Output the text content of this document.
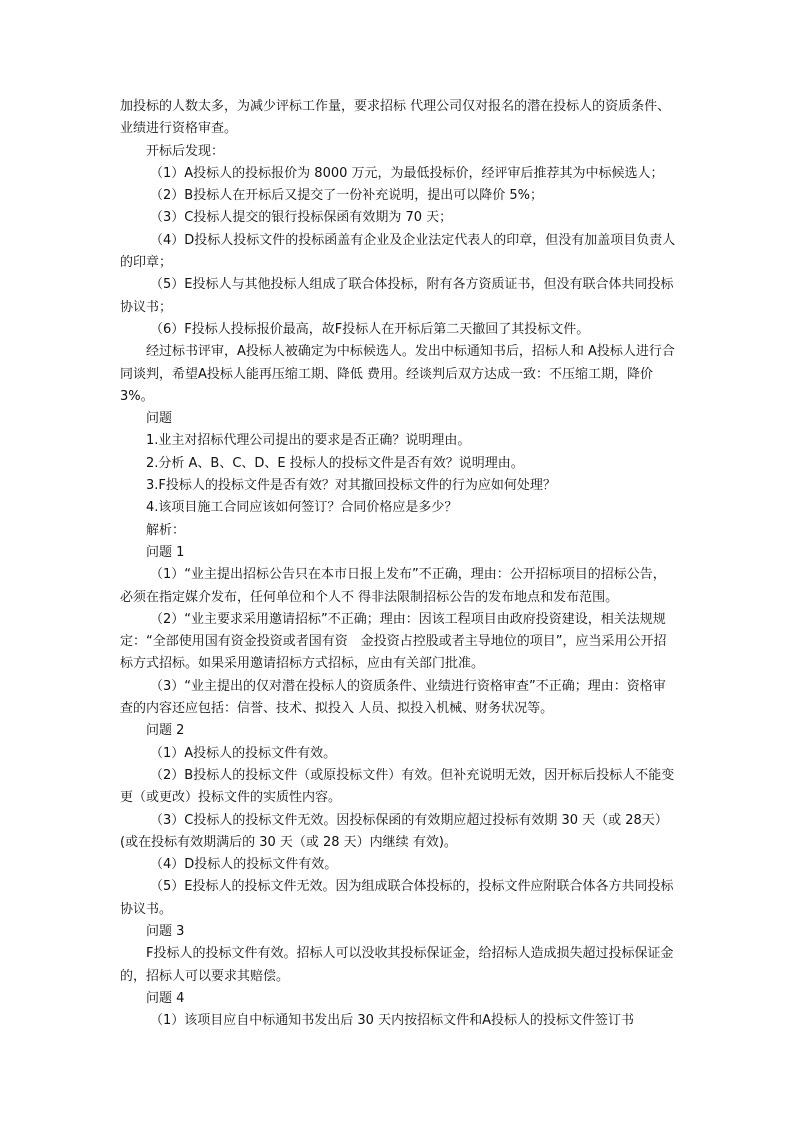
加投标的人数太多，为减少评标工作量，要求招标 代理公司仅对报名的潜在投标人的资质条件、业绩进行资格审查。

开标后发现：

（1）A投标人的投标报价为 8000 万元，为最低投标价，经评审后推荐其为中标候选人；

（2）B投标人在开标后又提交了一份补充说明，提出可以降价 5%；

（3）C投标人提交的银行投标保函有效期为 70 天；

（4）D投标人投标文件的投标函盖有企业及企业法定代表人的印章，但没有加盖项目负责人的印章；

（5）E投标人与其他投标人组成了联合体投标，附有各方资质证书，但没有联合体共同投标协议书；

（6）F投标人投标报价最高，故F投标人在开标后第二天撤回了其投标文件。

经过标书评审，A投标人被确定为中标候选人。发出中标通知书后，招标人和 A投标人进行合同谈判，希望A投标人能再压缩工期、降低 费用。经谈判后双方达成一致：不压缩工期，降价 3%。

问题

1.业主对招标代理公司提出的要求是否正确？说明理由。

2.分析 A、B、C、D、E 投标人的投标文件是否有效？说明理由。

3.F投标人的投标文件是否有效？对其撤回投标文件的行为应如何处理？

4.该项目施工合同应该如何签订？合同价格应是多少？

解析：

问题 1

（1）“业主提出招标公告只在本市日报上发布”不正确，理由：公开招标项目的招标公告，必须在指定媒介发布，任何单位和个人不 得非法限制招标公告的发布地点和发布范围。

（2）“业主要求采用邀请招标”不正确；理由：因该工程项目由政府投资建设，相关法规规定：“全部使用国有资金投资或者国有资　金投资占控股或者主导地位的项目”，应当采用公开招标方式招标。如果采用邀请招标方式招标，应由有关部门批准。

（3）“业主提出的仅对潜在投标人的资质条件、业绩进行资格审查”不正确；理由：资格审查的内容还应包括：信誉、技术、拟投入 人员、拟投入机械、财务状况等。

问题 2

（1）A投标人的投标文件有效。

（2）B投标人的投标文件（或原投标文件）有效。但补充说明无效，因开标后投标人不能变更（或更改）投标文件的实质性内容。

（3）C投标人的投标文件无效。因投标保函的有效期应超过投标有效期 30 天（或 28天）(或在投标有效期满后的 30 天（或 28 天）内继续 有效)。

（4）D投标人的投标文件有效。

（5）E投标人的投标文件无效。因为组成联合体投标的，投标文件应附联合体各方共同投标协议书。

问题 3

F投标人的投标文件有效。招标人可以没收其投标保证金，给招标人造成损失超过投标保证金的，招标人可以要求其赔偿。

问题 4

（1）该项目应自中标通知书发出后 30 天内按招标文件和A投标人的投标文件签订书
